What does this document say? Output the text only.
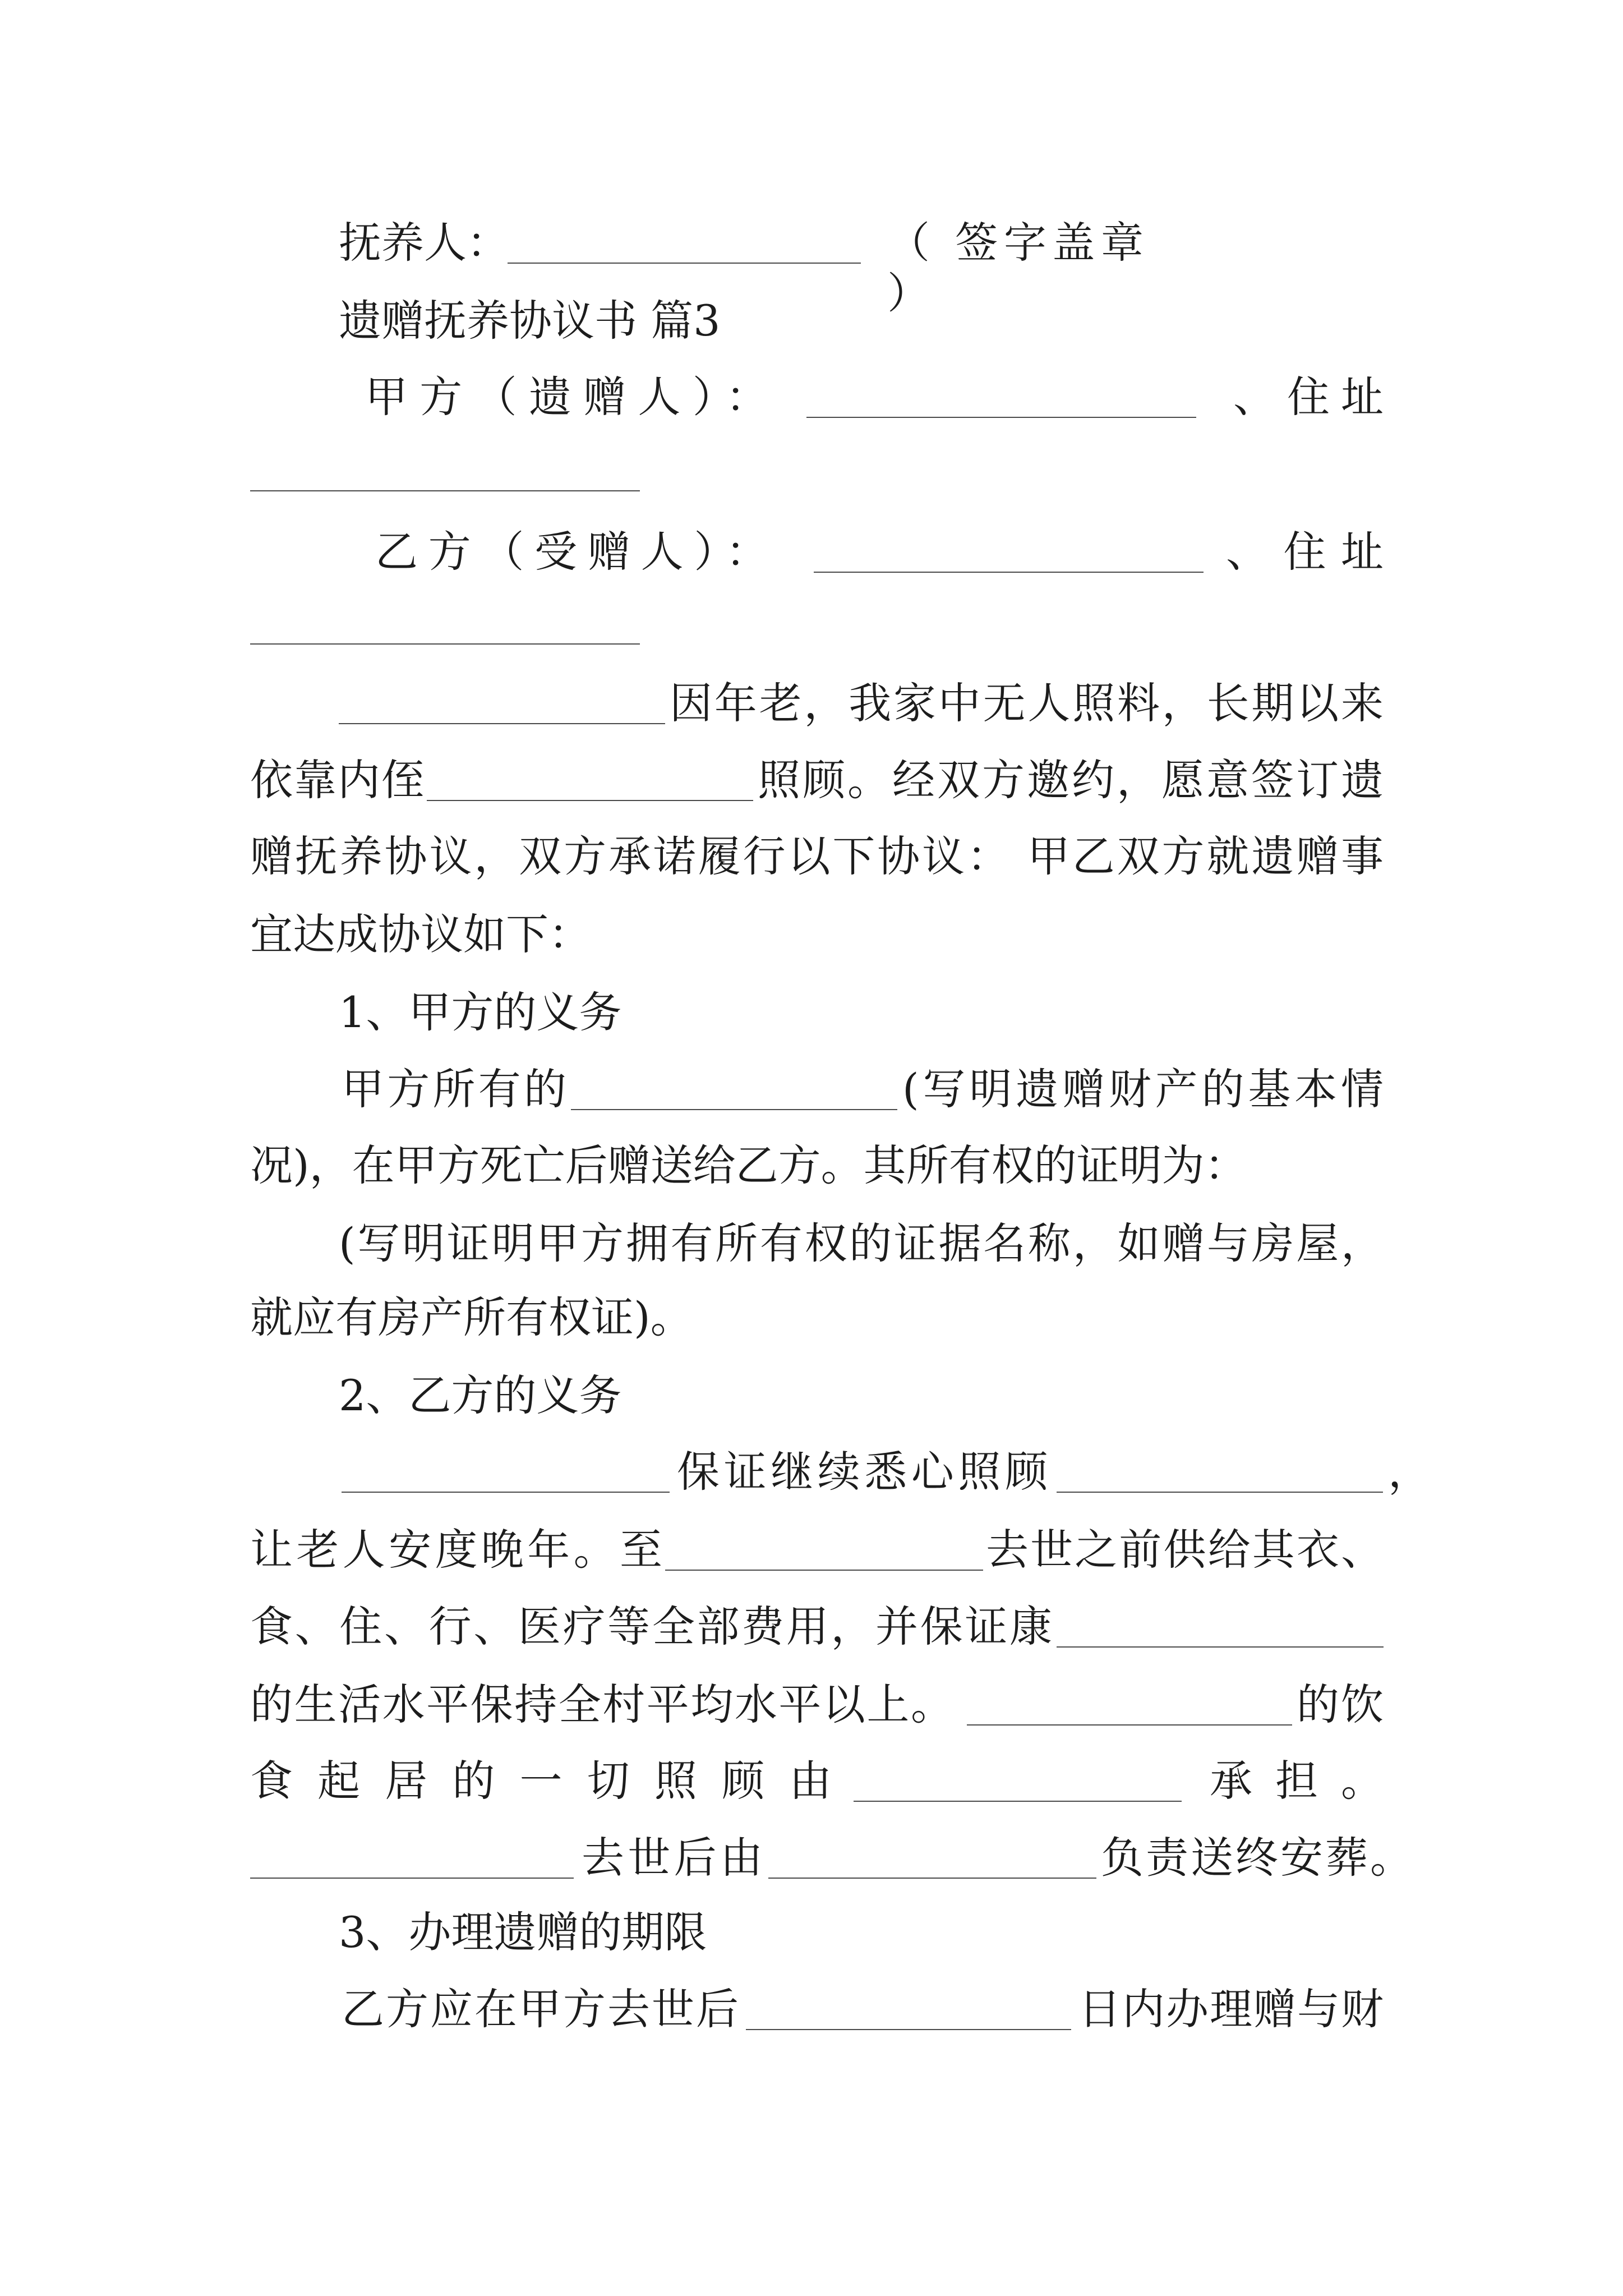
抚养人：	（ 签字盖章 ）
遗赠抚养协议书 篇3
甲方（遗赠人）：	、住址
乙方（受赠人）：	、住址
因年老，我家中无人照料，长期以来
依靠内侄	照顾。经双方邀约，愿意签订遗
赠抚养协议，双方承诺履行以下协议： 甲乙双方就遗赠事
宜达成协议如下：
1、甲方的义务
甲方所有的	(写明遗赠财产的基本情
况)，在甲方死亡后赠送给乙方。其所有权的证明为：
(写明证明甲方拥有所有权的证据名称，如赠与房屋，
就应有房产所有权证)。
2、乙方的义务
保证继续悉心照顾	，
让老人安度晚年。至	去世之前供给其衣、
食、住、行、医疗等全部费用，并保证康
的生活水平保持全村平均水平以上。	的饮
食起居的一切照顾由	承担。
去世后由	负责送终安葬。
3、办理遗赠的期限
乙方应在甲方去世后	日内办理赠与财
